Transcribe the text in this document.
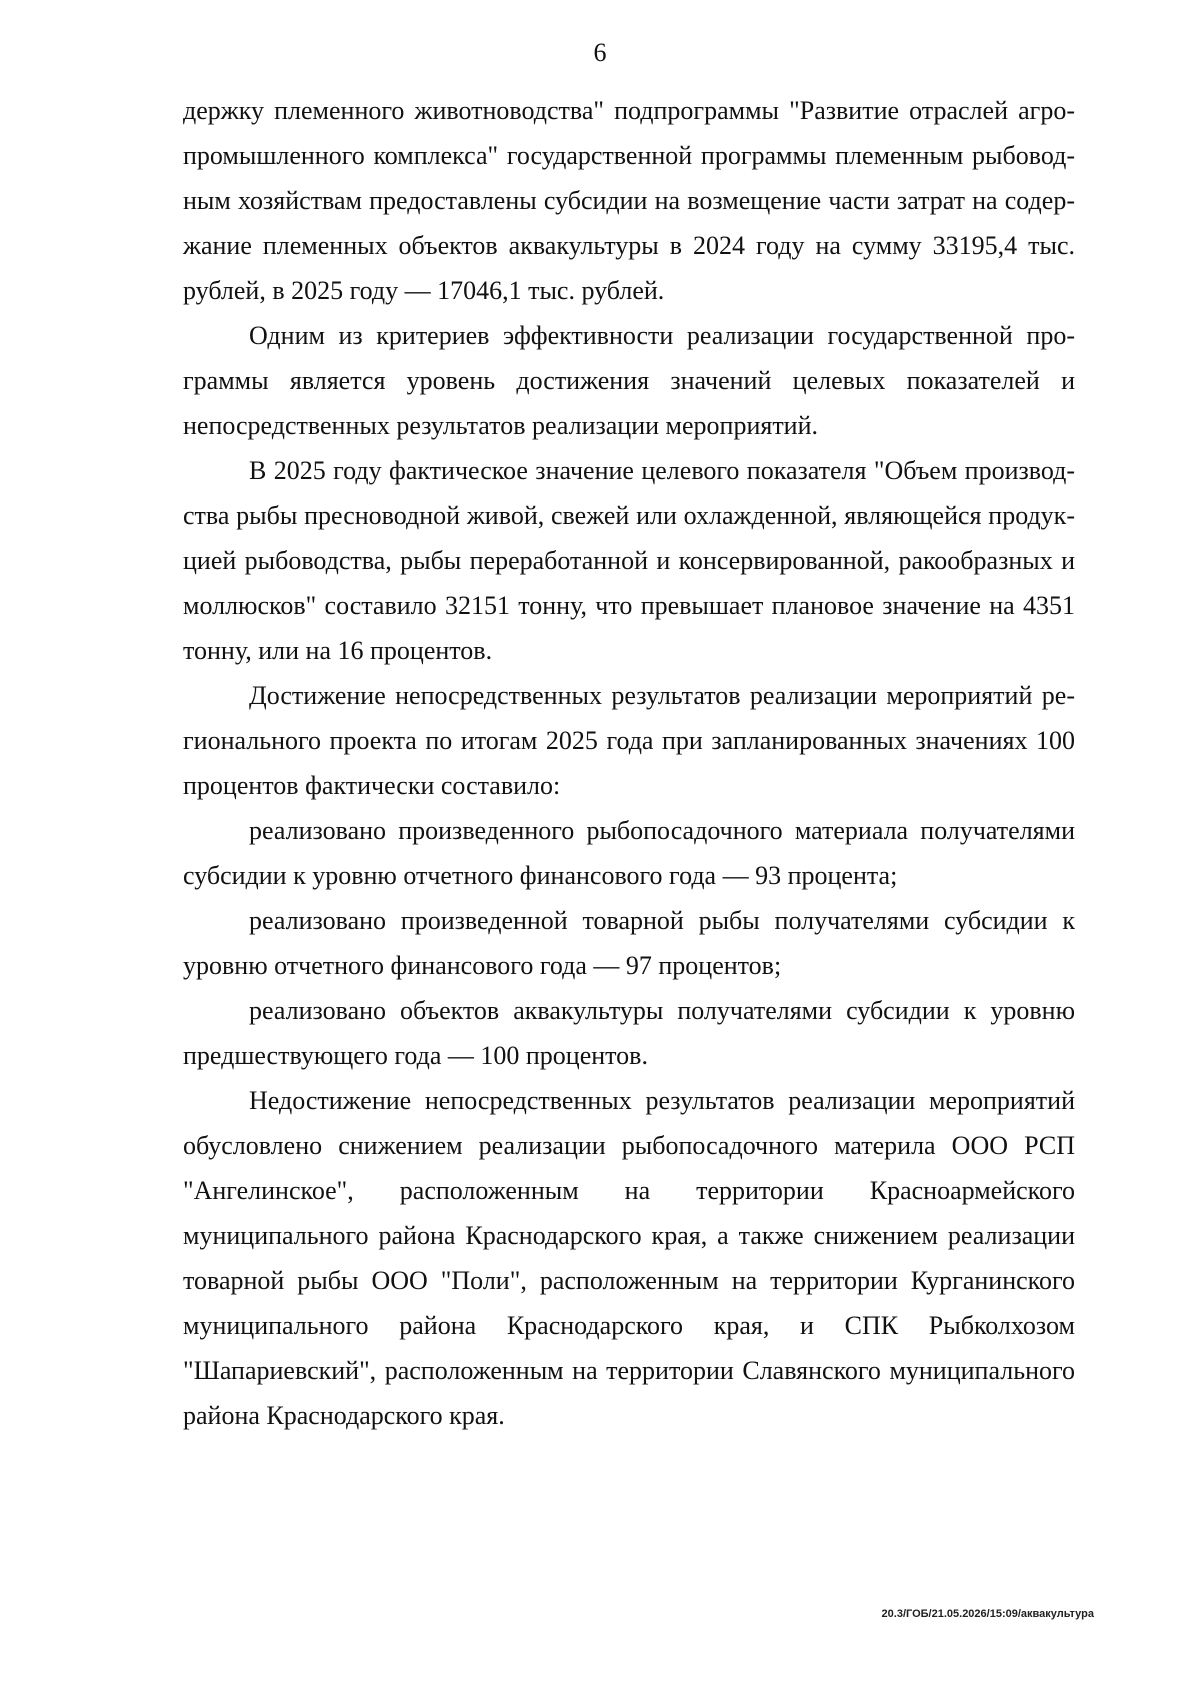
6

держку племенного животноводства" подпрограммы "Развитие отраслей агропромышленного комплекса" государственной программы племенным рыбоводным хозяйствам предоставлены субсидии на возмещение части затрат на содержание племенных объектов аквакультуры в 2024 году на сумму 33195,4 тыс. рублей, в 2025 году — 17046,1 тыс. рублей.

Одним из критериев эффективности реализации государственной программы является уровень достижения значений целевых показателей и непосредственных результатов реализации мероприятий.

В 2025 году фактическое значение целевого показателя "Объем производства рыбы пресноводной живой, свежей или охлажденной, являющейся продукцией рыбоводства, рыбы переработанной и консервированной, ракообразных и моллюсков" составило 32151 тонну, что превышает плановое значение на 4351 тонну, или на 16 процентов.

Достижение непосредственных результатов реализации мероприятий регионального проекта по итогам 2025 года при запланированных значениях 100 процентов фактически составило:

реализовано произведенного рыбопосадочного материала получателями субсидии к уровню отчетного финансового года — 93 процента;

реализовано произведенной товарной рыбы получателями субсидии к уровню отчетного финансового года — 97 процентов;

реализовано объектов аквакультуры получателями субсидии к уровню предшествующего года — 100 процентов.

Недостижение непосредственных результатов реализации мероприятий обусловлено снижением реализации рыбопосадочного материла ООО РСП "Ангелинское", расположенным на территории Красноармейского муниципального района Краснодарского края, а также снижением реализации товарной рыбы ООО "Поли", расположенным на территории Курганинского муниципального района Краснодарского края, и СПК Рыбколхозом "Шапариевский", расположенным на территории Славянского муниципального района Краснодарского края.

20.3/ГОБ/21.05.2026/15:09/аквакультура
